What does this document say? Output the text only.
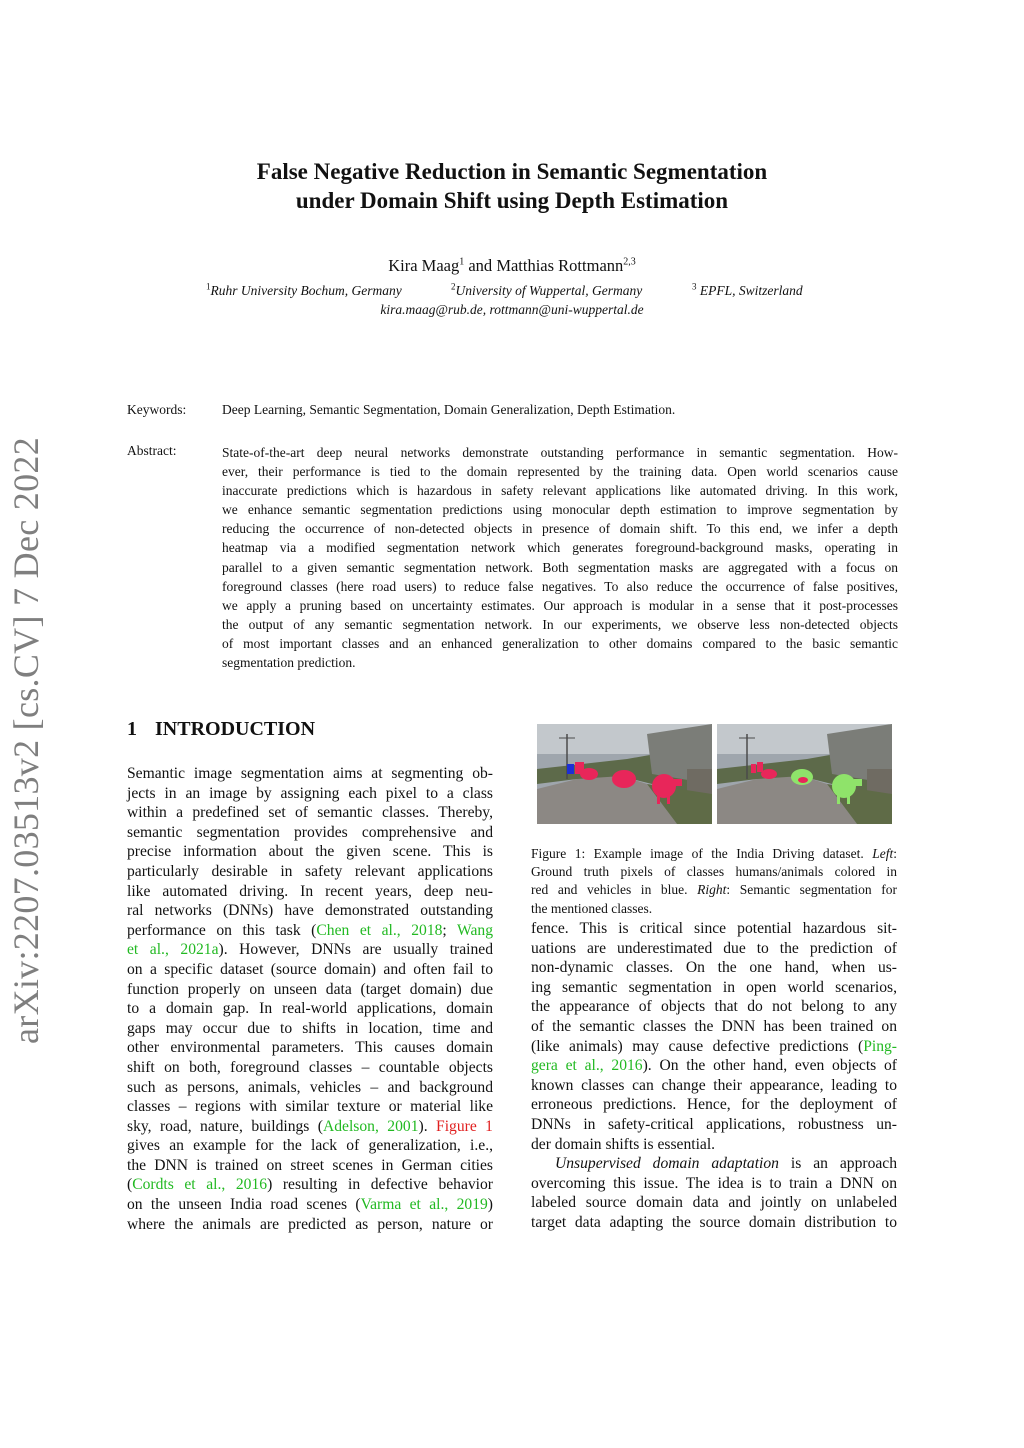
arXiv:2207.03513v2 [cs.CV] 7 Dec 2022
False Negative Reduction in Semantic Segmentation
under Domain Shift using Depth Estimation
Kira Maag$^1$ and Matthias Rottmann$^{2,3}$
$^1$Ruhr University Bochum, Germany	$^2$University of Wuppertal, Germany	$^3$ EPFL, Switzerland
kira.maag@rub.de, rottmann@uni-wuppertal.de
Keywords:	Deep Learning, Semantic Segmentation, Domain Generalization, Depth Estimation.
Abstract:	State-of-the-art deep neural networks demonstrate outstanding performance in semantic segmentation. How-
ever, their performance is tied to the domain represented by the training data. Open world scenarios cause
inaccurate predictions which is hazardous in safety relevant applications like automated driving. In this work,
we enhance semantic segmentation predictions using monocular depth estimation to improve segmentation by
reducing the occurrence of non-detected objects in presence of domain shift. To this end, we infer a depth
heatmap via a modified segmentation network which generates foreground-background masks, operating in
parallel to a given semantic segmentation network. Both segmentation masks are aggregated with a focus on
foreground classes (here road users) to reduce false negatives. To also reduce the occurrence of false positives,
we apply a pruning based on uncertainty estimates. Our approach is modular in a sense that it post-processes
the output of any semantic segmentation network. In our experiments, we observe less non-detected objects
of most important classes and an enhanced generalization to other domains compared to the basic semantic
segmentation prediction.
1 INTRODUCTION
Semantic image segmentation aims at segmenting ob-
jects in an image by assigning each pixel to a class
within a predefined set of semantic classes. Thereby,
semantic segmentation provides comprehensive and
precise information about the given scene. This is
particularly desirable in safety relevant applications
like automated driving. In recent years, deep neu-
ral networks (DNNs) have demonstrated outstanding
performance on this task (Chen et al., 2018; Wang
et al., 2021a). However, DNNs are usually trained
on a specific dataset (source domain) and often fail to
function properly on unseen data (target domain) due
to a domain gap. In real-world applications, domain
gaps may occur due to shifts in location, time and
other environmental parameters. This causes domain
shift on both, foreground classes – countable objects
such as persons, animals, vehicles – and background
classes – regions with similar texture or material like
sky, road, nature, buildings (Adelson, 2001). Figure 1
gives an example for the lack of generalization, i.e.,
the DNN is trained on street scenes in German cities
(Cordts et al., 2016) resulting in defective behavior
on the unseen India road scenes (Varma et al., 2019)
where the animals are predicted as person, nature or
Figure 1: Example image of the India Driving dataset. Left:
Ground truth pixels of classes humans/animals colored in
red and vehicles in blue. Right: Semantic segmentation for
the mentioned classes.
fence. This is critical since potential hazardous sit-
uations are underestimated due to the prediction of
non-dynamic classes. On the one hand, when us-
ing semantic segmentation in open world scenarios,
the appearance of objects that do not belong to any
of the semantic classes the DNN has been trained on
(like animals) may cause defective predictions (Ping-
gera et al., 2016). On the other hand, even objects of
known classes can change their appearance, leading to
erroneous predictions. Hence, for the deployment of
DNNs in safety-critical applications, robustness un-
der domain shifts is essential.
Unsupervised domain adaptation is an approach
overcoming this issue. The idea is to train a DNN on
labeled source domain data and jointly on unlabeled
target data adapting the source domain distribution to
